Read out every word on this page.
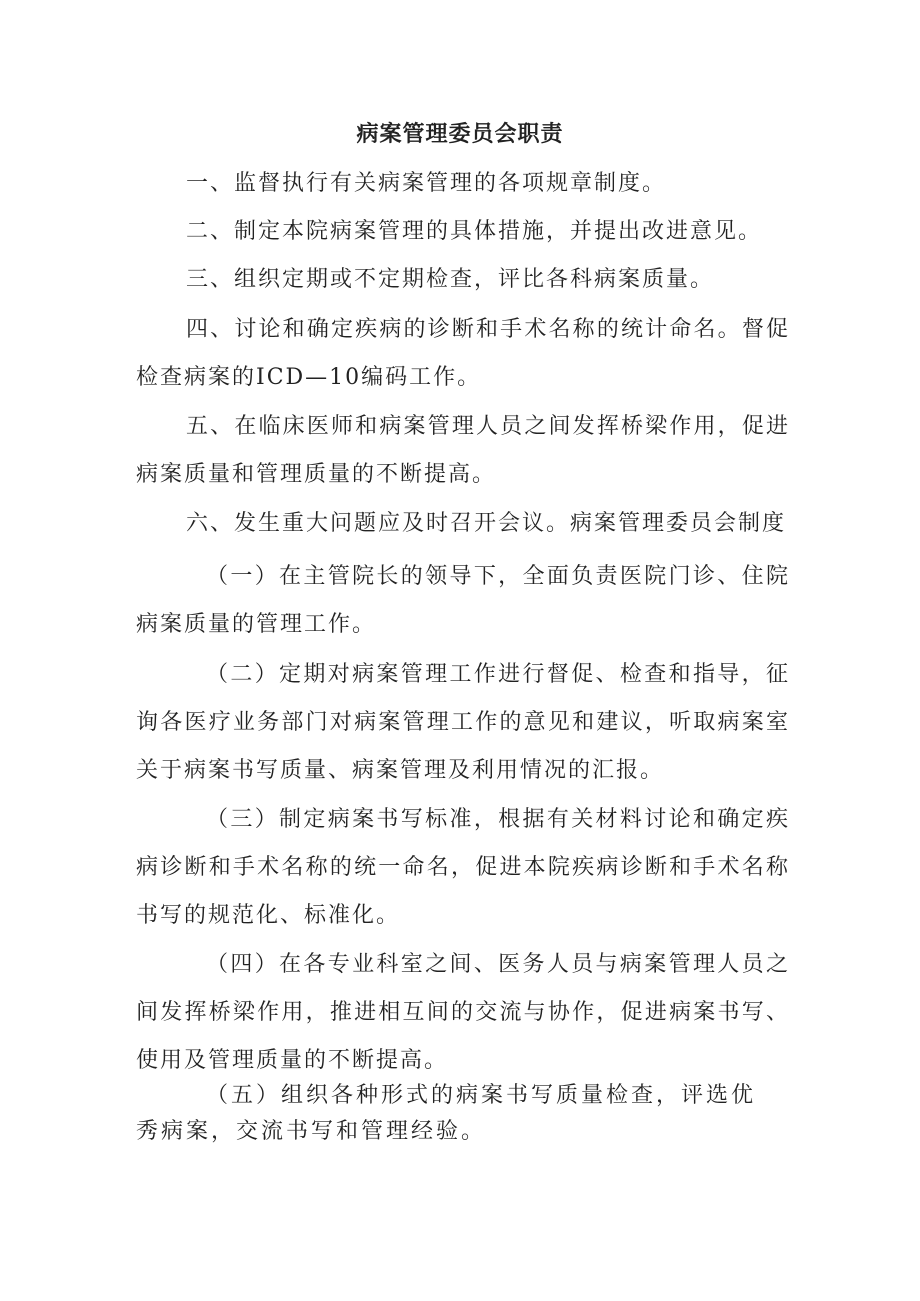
病案管理委员会职责

一、监督执行有关病案管理的各项规章制度。

二、制定本院病案管理的具体措施，并提出改进意见。

三、组织定期或不定期检查，评比各科病案质量。

四、讨论和确定疾病的诊断和手术名称的统计命名。督促检查病案的ICD—10编码工作。

五、在临床医师和病案管理人员之间发挥桥梁作用，促进病案质量和管理质量的不断提高。

六、发生重大问题应及时召开会议。病案管理委员会制度

（一）在主管院长的领导下，全面负责医院门诊、住院病案质量的管理工作。

（二）定期对病案管理工作进行督促、检查和指导，征询各医疗业务部门对病案管理工作的意见和建议，听取病案室关于病案书写质量、病案管理及利用情况的汇报。

（三）制定病案书写标准，根据有关材料讨论和确定疾病诊断和手术名称的统一命名，促进本院疾病诊断和手术名称书写的规范化、标准化。

（四）在各专业科室之间、医务人员与病案管理人员之间发挥桥梁作用，推进相互间的交流与协作，促进病案书写、使用及管理质量的不断提高。

（五）组织各种形式的病案书写质量检查，评选优秀病案，交流书写和管理经验。
